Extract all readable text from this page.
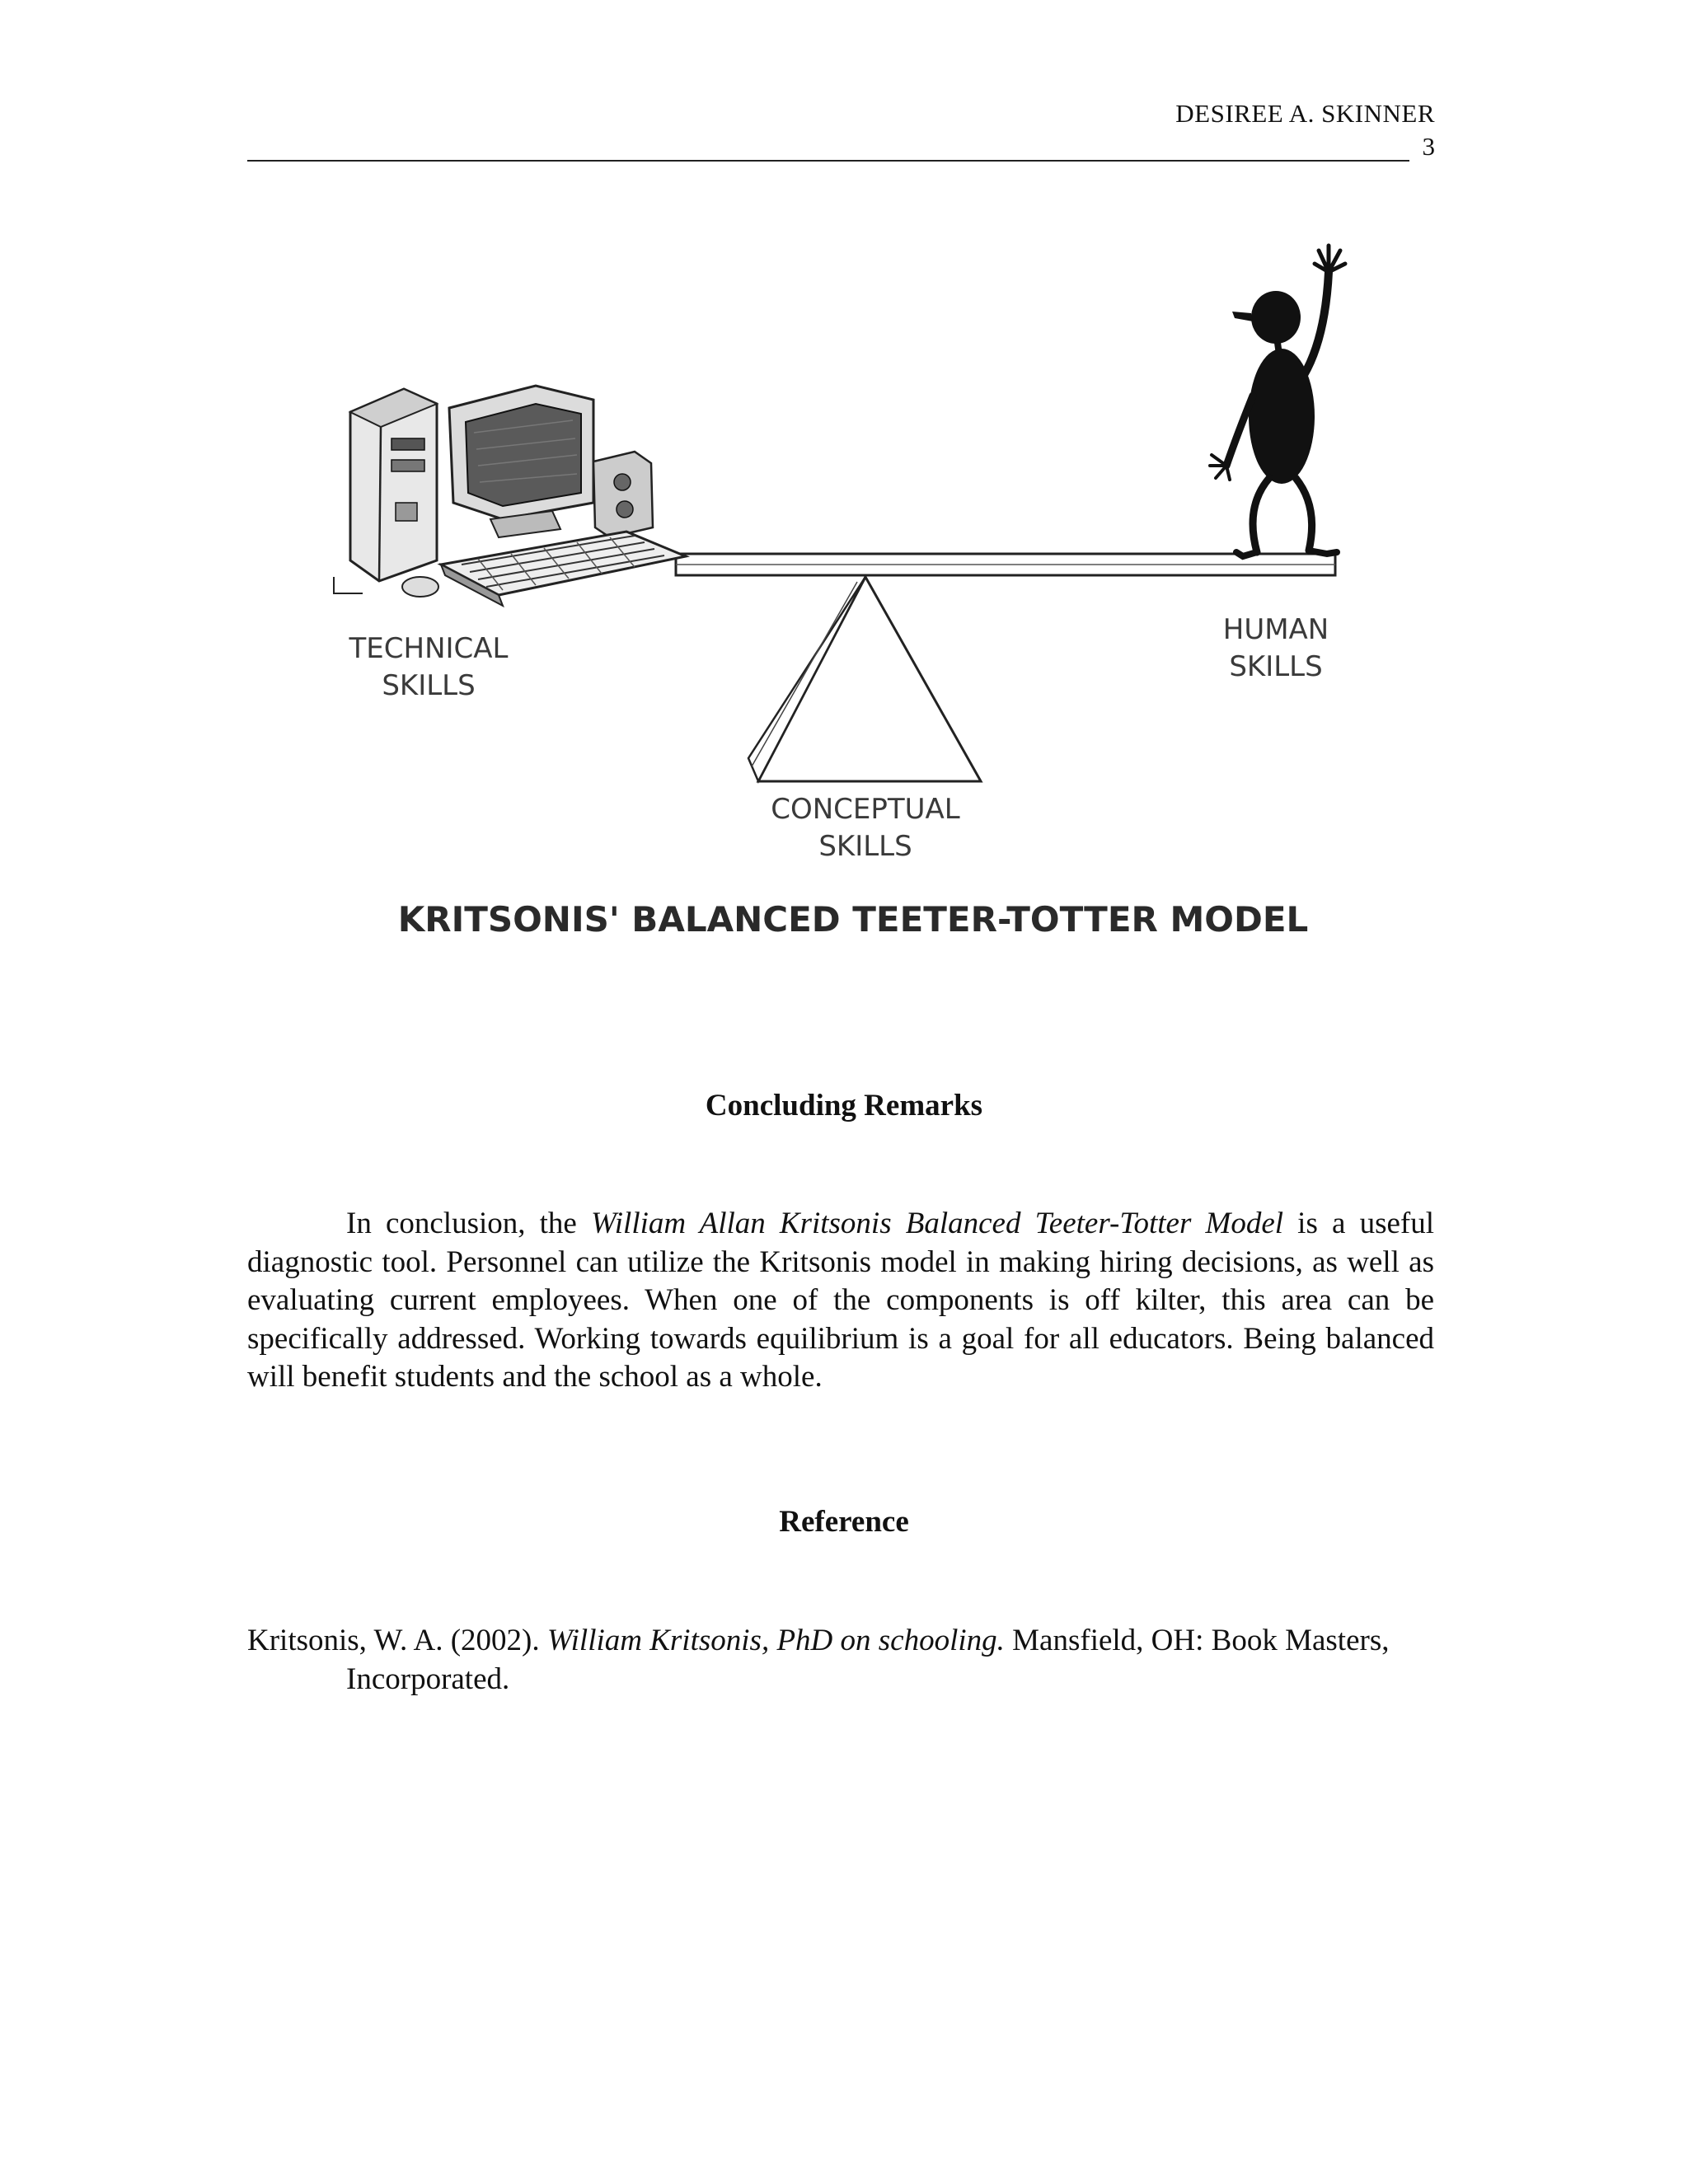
DESIREE A. SKINNER
3
TECHNICAL
SKILLS
HUMAN
SKILLS
CONCEPTUAL
SKILLS
KRITSONIS' BALANCED TEETER-TOTTER MODEL
Concluding Remarks
In conclusion, the William Allan Kritsonis Balanced Teeter-Totter Model is a useful diagnostic tool. Personnel can utilize the Kritsonis model in making hiring decisions, as well as evaluating current employees. When one of the components is off kilter, this area can be specifically addressed. Working towards equilibrium is a goal for all educators. Being balanced will benefit students and the school as a whole.
Reference
Kritsonis, W. A. (2002). William Kritsonis, PhD on schooling. Mansfield, OH: Book Masters, Incorporated.
